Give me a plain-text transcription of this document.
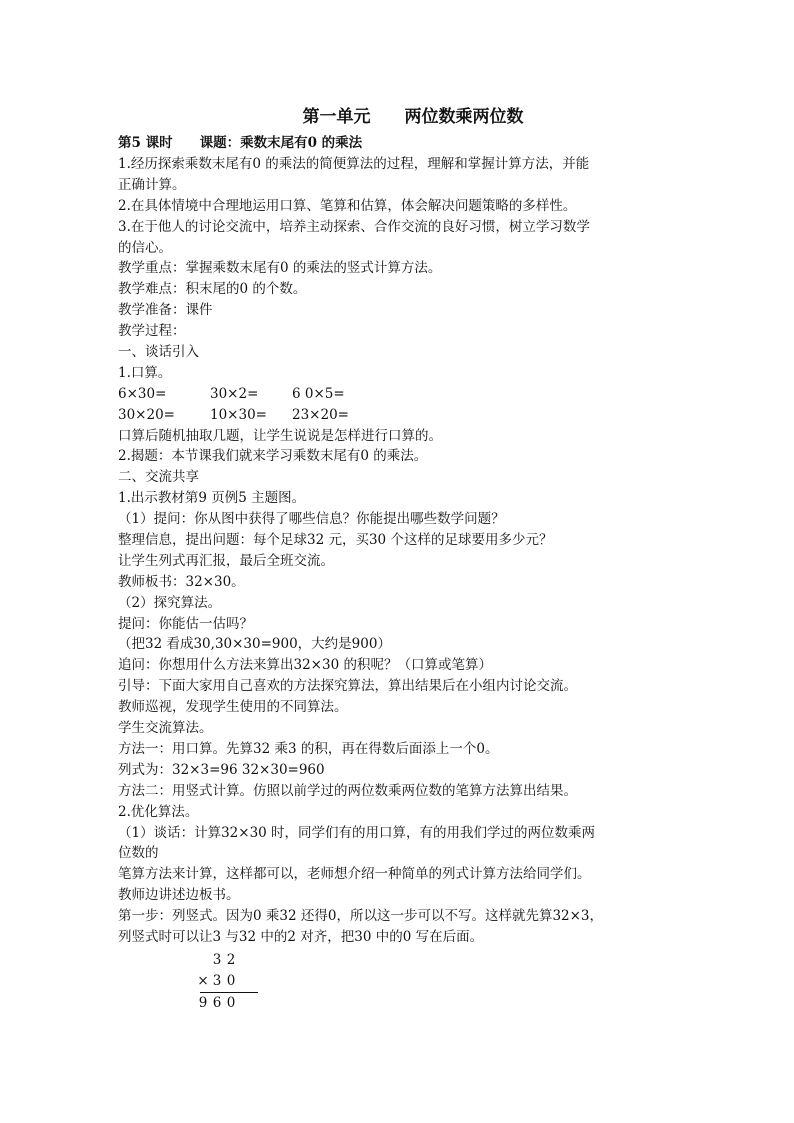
第一单元　　两位数乘两位数
第5 课时　　课题：乘数末尾有0 的乘法
1.经历探索乘数末尾有0 的乘法的简便算法的过程，理解和掌握计算方法，并能
正确计算。
2.在具体情境中合理地运用口算、笔算和估算，体会解决问题策略的多样性。
3.在于他人的讨论交流中，培养主动探索、合作交流的良好习惯，树立学习数学
的信心。
教学重点：掌握乘数末尾有0 的乘法的竖式计算方法。
教学难点：积末尾的0 的个数。
教学准备：课件
教学过程：
一、谈话引入
1.口算。
6×30=	30×2=	6 0×5=
30×20=	10×30=	23×20=
口算后随机抽取几题，让学生说说是怎样进行口算的。
2.揭题：本节课我们就来学习乘数末尾有0 的乘法。
二、交流共享
1.出示教材第9 页例5 主题图。
（1）提问：你从图中获得了哪些信息？你能提出哪些数学问题？
整理信息，提出问题：每个足球32 元，买30 个这样的足球要用多少元？
让学生列式再汇报，最后全班交流。
教师板书：32×30。
（2）探究算法。
提问：你能估一估吗？
（把32 看成30,30×30=900，大约是900）
追问：你想用什么方法来算出32×30 的积呢？（口算或笔算）
引导：下面大家用自己喜欢的方法探究算法，算出结果后在小组内讨论交流。
教师巡视，发现学生使用的不同算法。
学生交流算法。
方法一：用口算。先算32 乘3 的积，再在得数后面添上一个0。
列式为：32×3=96 32×30=960
方法二：用竖式计算。仿照以前学过的两位数乘两位数的笔算方法算出结果。
2.优化算法。
（1）谈话：计算32×30 时，同学们有的用口算，有的用我们学过的两位数乘两
位数的
笔算方法来计算，这样都可以，老师想介绍一种简单的列式计算方法给同学们。
教师边讲述边板书。
第一步：列竖式。因为0 乘32 还得0，所以这一步可以不写。这样就先算32×3，
列竖式时可以让3 与32 中的2 对齐，把30 中的0 写在后面。
3 2
× 3 0
9 6 0
